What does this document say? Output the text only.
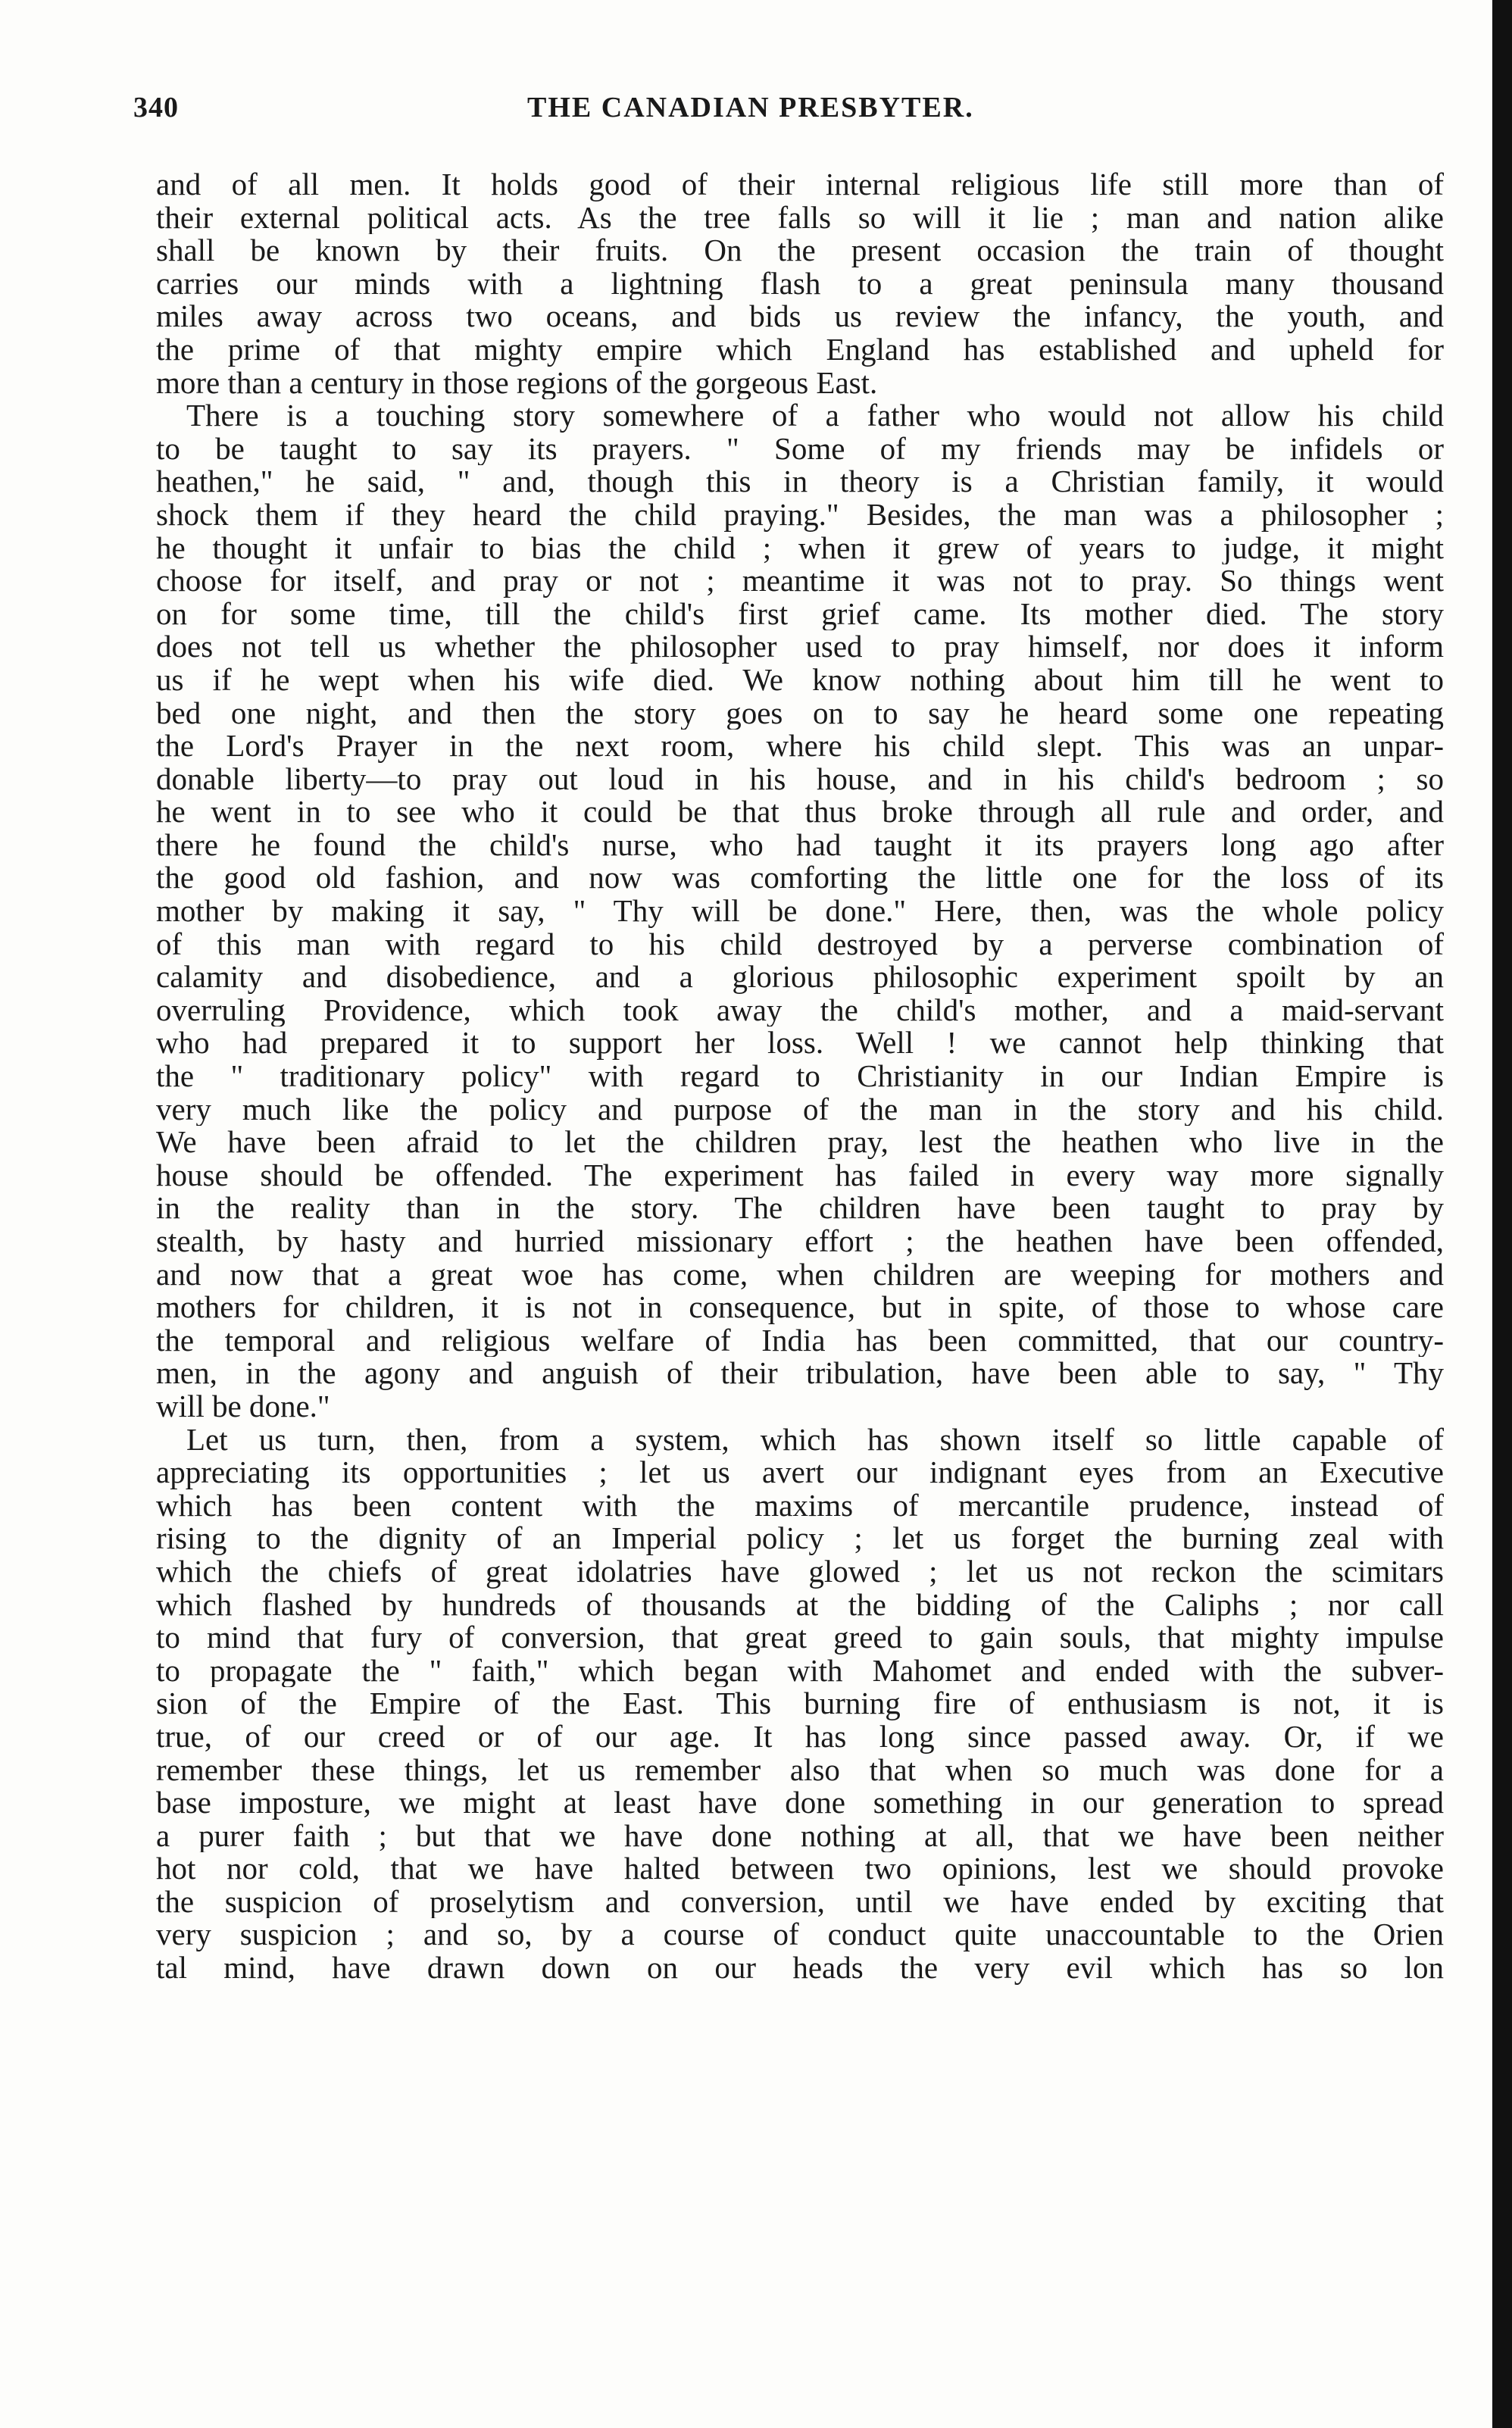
340	THE CANADIAN PRESBYTER.
and of all men. It holds good of their internal religious life still more than of
their external political acts. As the tree falls so will it lie ; man and nation alike
shall be known by their fruits. On the present occasion the train of thought
carries our minds with a lightning flash to a great peninsula many thousand
miles away across two oceans, and bids us review the infancy, the youth, and
the prime of that mighty empire which England has established and upheld for
more than a century in those regions of the gorgeous East.
There is a touching story somewhere of a father who would not allow his child
to be taught to say its prayers. " Some of my friends may be infidels or
heathen," he said, " and, though this in theory is a Christian family, it would
shock them if they heard the child praying." Besides, the man was a philosopher ;
he thought it unfair to bias the child ; when it grew of years to judge, it might
choose for itself, and pray or not ; meantime it was not to pray. So things went
on for some time, till the child's first grief came. Its mother died. The story
does not tell us whether the philosopher used to pray himself, nor does it inform
us if he wept when his wife died. We know nothing about him till he went to
bed one night, and then the story goes on to say he heard some one repeating
the Lord's Prayer in the next room, where his child slept. This was an unpar-
donable liberty—to pray out loud in his house, and in his child's bedroom ; so
he went in to see who it could be that thus broke through all rule and order, and
there he found the child's nurse, who had taught it its prayers long ago after
the good old fashion, and now was comforting the little one for the loss of its
mother by making it say, " Thy will be done." Here, then, was the whole policy
of this man with regard to his child destroyed by a perverse combination of
calamity and disobedience, and a glorious philosophic experiment spoilt by an
overruling Providence, which took away the child's mother, and a maid-servant
who had prepared it to support her loss. Well ! we cannot help thinking that
the " traditionary policy" with regard to Christianity in our Indian Empire is
very much like the policy and purpose of the man in the story and his child.
We have been afraid to let the children pray, lest the heathen who live in the
house should be offended. The experiment has failed in every way more signally
in the reality than in the story. The children have been taught to pray by
stealth, by hasty and hurried missionary effort ; the heathen have been offended,
and now that a great woe has come, when children are weeping for mothers and
mothers for children, it is not in consequence, but in spite, of those to whose care
the temporal and religious welfare of India has been committed, that our country-
men, in the agony and anguish of their tribulation, have been able to say, " Thy
will be done."
Let us turn, then, from a system, which has shown itself so little capable of
appreciating its opportunities ; let us avert our indignant eyes from an Executive
which has been content with the maxims of mercantile prudence, instead of
rising to the dignity of an Imperial policy ; let us forget the burning zeal with
which the chiefs of great idolatries have glowed ; let us not reckon the scimitars
which flashed by hundreds of thousands at the bidding of the Caliphs ; nor call
to mind that fury of conversion, that great greed to gain souls, that mighty impulse
to propagate the " faith," which began with Mahomet and ended with the subver-
sion of the Empire of the East. This burning fire of enthusiasm is not, it is
true, of our creed or of our age. It has long since passed away. Or, if we
remember these things, let us remember also that when so much was done for a
base imposture, we might at least have done something in our generation to spread
a purer faith ; but that we have done nothing at all, that we have been neither
hot nor cold, that we have halted between two opinions, lest we should provoke
the suspicion of proselytism and conversion, until we have ended by exciting that
very suspicion ; and so, by a course of conduct quite unaccountable to the Orien
tal mind, have drawn down on our heads the very evil which has so lon
